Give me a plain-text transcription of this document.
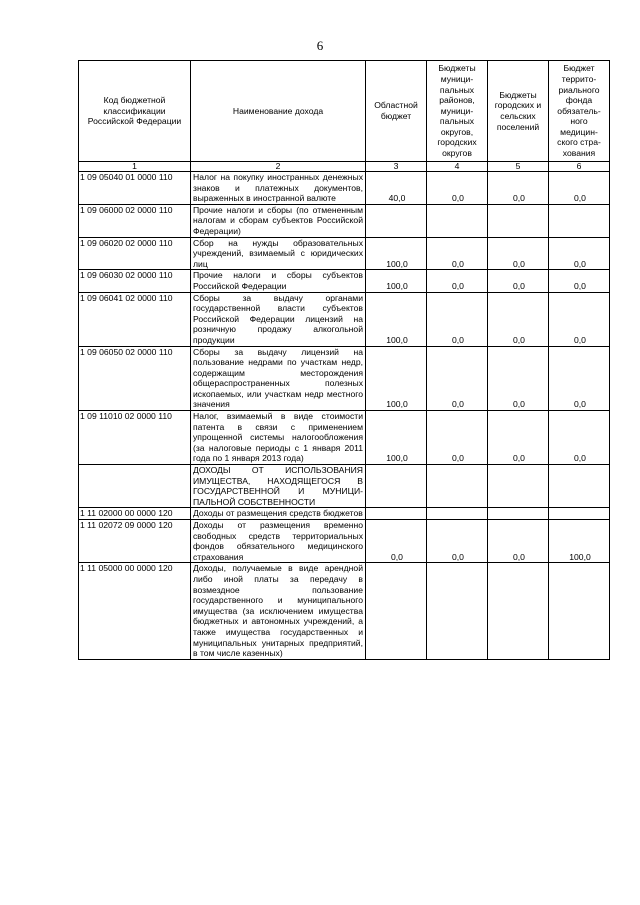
6
Код бюджетной классификации Российской Федерации	Наименование дохода	Областной бюджет	Бюджеты муници-пальных районов, муници-пальных округов, городских округов	Бюджеты городских и сельских поселений	Бюджет террито-риального фонда обязатель-ного медицин-ского стра-хования
1	2	3	4	5	6
1 09 05040 01 0000 110	Налог на покупку иностранных денежных знаков и платежных документов, выраженных в иностранной валюте	40,0	0,0	0,0	0,0
1 09 06000 02 0000 110	Прочие налоги и сборы (по отмененным налогам и сборам субъектов Российской Федерации)				
1 09 06020 02 0000 110	Сбор на нужды образовательных учреждений, взимаемый с юридических лиц	100,0	0,0	0,0	0,0
1 09 06030 02 0000 110	Прочие налоги и сборы субъектов Российской Федерации	100,0	0,0	0,0	0,0
1 09 06041 02 0000 110	Сборы за выдачу органами государственной власти субъектов Российской Федерации лицензий на розничную продажу алкогольной продукции	100,0	0,0	0,0	0,0
1 09 06050 02 0000 110	Сборы за выдачу лицензий на пользование недрами по участкам недр, содержащим месторождения общераспространенных полезных ископаемых, или участкам недр местного значения	100,0	0,0	0,0	0,0
1 09 11010 02 0000 110	Налог, взимаемый в виде стоимости патента в связи с применением упрощенной системы налогообложения (за налоговые периоды с 1 января 2011 года по 1 января 2013 года)	100,0	0,0	0,0	0,0
	ДОХОДЫ ОТ ИСПОЛЬЗОВАНИЯ ИМУЩЕСТВА, НАХОДЯЩЕГОСЯ В ГОСУДАРСТВЕННОЙ И МУНИЦИ-ПАЛЬНОЙ СОБСТВЕННОСТИ				
1 11 02000 00 0000 120	Доходы от размещения средств бюджетов				
1 11 02072 09 0000 120	Доходы от размещения временно свободных средств территориальных фондов обязательного медицинского страхования	0,0	0,0	0,0	100,0
1 11 05000 00 0000 120	Доходы, получаемые в виде арендной либо иной платы за передачу в возмездное пользование государственного и муниципального имущества (за исключением имущества бюджетных и автономных учреждений, а также имущества государственных и муниципальных унитарных предприятий, в том числе казенных)				
